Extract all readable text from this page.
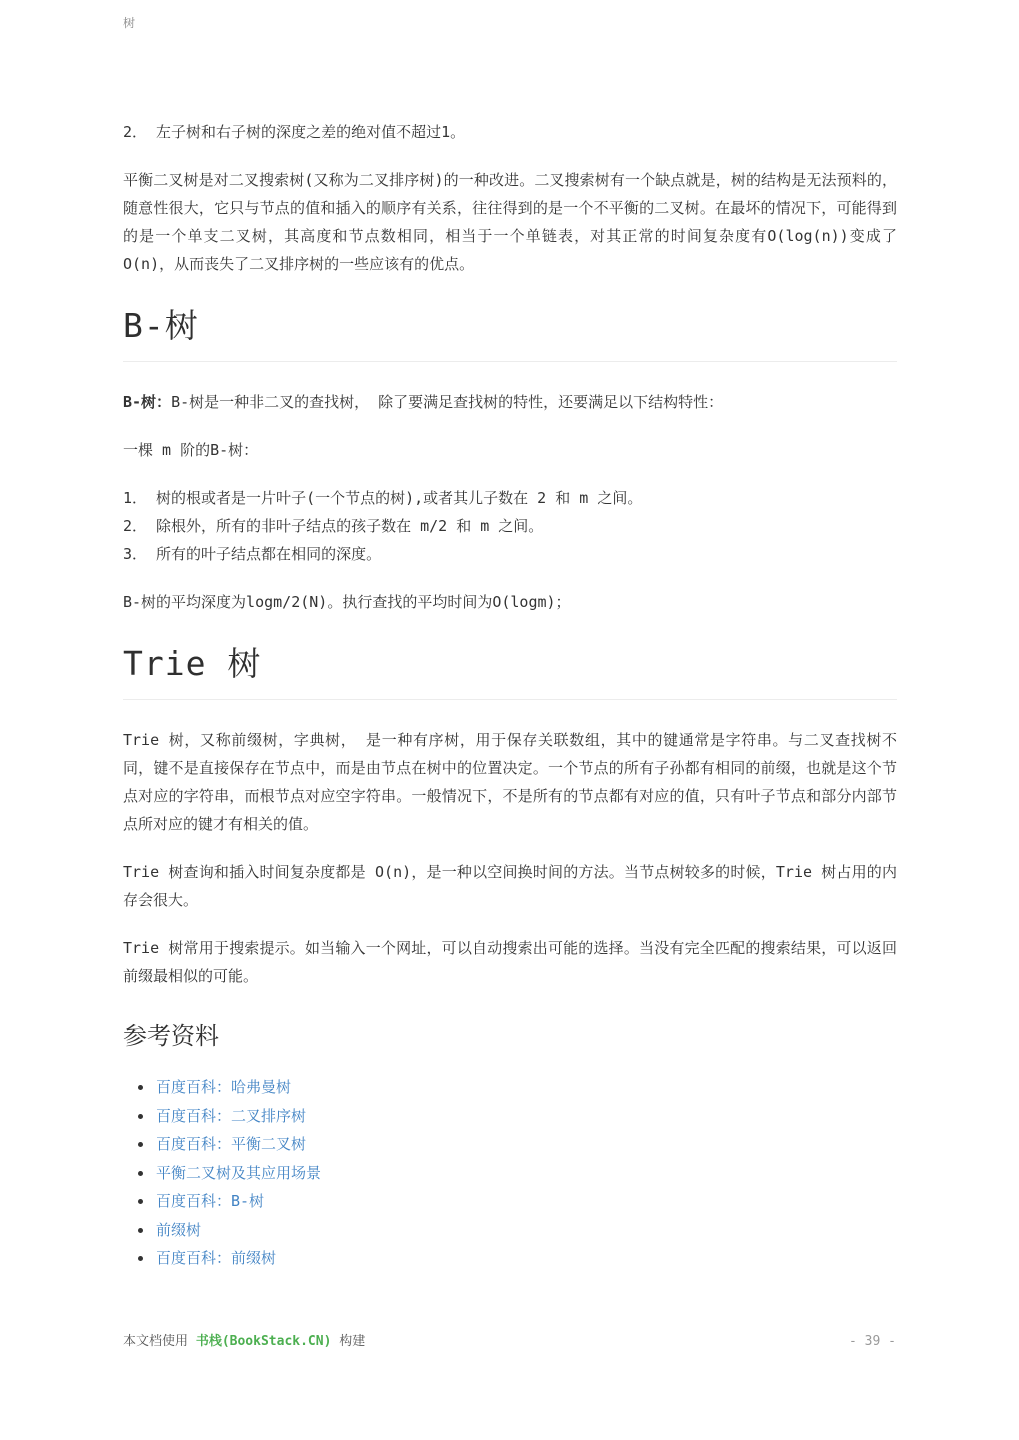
树

2． 左子树和右子树的深度之差的绝对值不超过1。

平衡二叉树是对二叉搜索树(又称为二叉排序树)的一种改进。二叉搜索树有一个缺点就是，树的结构是无法预料的，随意性很大，它只与节点的值和插入的顺序有关系，往往得到的是一个不平衡的二叉树。在最坏的情况下，可能得到的是一个单支二叉树，其高度和节点数相同，相当于一个单链表，对其正常的时间复杂度有O(log(n))变成了O(n)，从而丧失了二叉排序树的一些应该有的优点。

B-树

B-树：B-树是一种非二叉的查找树， 除了要满足查找树的特性，还要满足以下结构特性：

一棵 m 阶的B-树：

1． 树的根或者是一片叶子(一个节点的树),或者其儿子数在 2 和 m 之间。

2． 除根外，所有的非叶子结点的孩子数在 m/2 和 m 之间。

3． 所有的叶子结点都在相同的深度。

B-树的平均深度为logm/2(N)。执行查找的平均时间为O(logm)；

Trie 树

Trie 树，又称前缀树，字典树， 是一种有序树，用于保存关联数组，其中的键通常是字符串。与二叉查找树不同，键不是直接保存在节点中，而是由节点在树中的位置决定。一个节点的所有子孙都有相同的前缀，也就是这个节点对应的字符串，而根节点对应空字符串。一般情况下，不是所有的节点都有对应的值，只有叶子节点和部分内部节点所对应的键才有相关的值。

Trie 树查询和插入时间复杂度都是 O(n)，是一种以空间换时间的方法。当节点树较多的时候，Trie 树占用的内存会很大。

Trie 树常用于搜索提示。如当输入一个网址，可以自动搜索出可能的选择。当没有完全匹配的搜索结果，可以返回前缀最相似的可能。

参考资料
百度百科：哈弗曼树
百度百科：二叉排序树
百度百科：平衡二叉树
平衡二叉树及其应用场景
百度百科：B-树
前缀树
百度百科：前缀树
本文档使用 书栈(BookStack.CN) 构建	- 39 -
